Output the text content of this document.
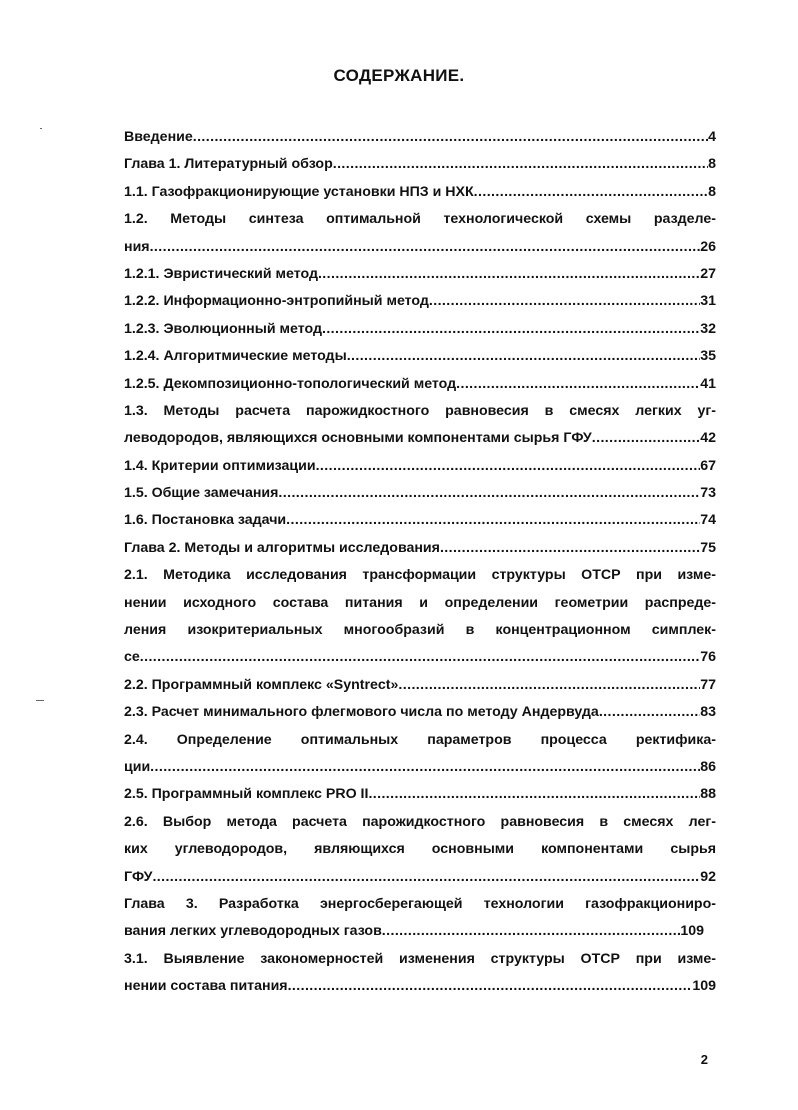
СОДЕРЖАНИЕ.
Введение .....	4
Глава 1. Литературный обзор .....	8
1.1. Газофракционирующие установки НПЗ и НХК .....	8
1.2. Методы синтеза оптимальной технологической схемы разделе-
ния .....	26
1.2.1. Эвристический метод .....	27
1.2.2. Информационно-энтропийный метод .....	31
1.2.3. Эволюционный метод .....	32
1.2.4. Алгоритмические методы .....	35
1.2.5. Декомпозиционно-топологический метод .....	41
1.3. Методы расчета парожидкостного равновесия в смесях легких уг-
леводородов, являющихся основными компонентами сырья ГФУ .....	42
1.4. Критерии оптимизации .....	67
1.5. Общие замечания .....	73
1.6. Постановка задачи .....	74
Глава 2. Методы и алгоритмы исследования .....	75
2.1. Методика исследования трансформации структуры ОТСР при изме-
нении исходного состава питания и определении геометрии распреде-
ления изокритериальных многообразий в концентрационном симплек-
се .....	76
2.2. Программный комплекс «Syntrect» .....	77
2.3. Расчет минимального флегмового числа по методу Андервуда .....	83
2.4. Определение оптимальных параметров процесса ректифика-
ции .....	86
2.5. Программный комплекс PRO II .....	88
2.6. Выбор метода расчета парожидкостного равновесия в смесях лег-
ких углеводородов, являющихся основными компонентами сырья
ГФУ .....	92
Глава 3. Разработка энергосберегающей технологии газофракциониро-
вания легких углеводородных газов .....	109
3.1. Выявление закономерностей изменения структуры ОТСР при изме-
нении состава питания .....	109
2
